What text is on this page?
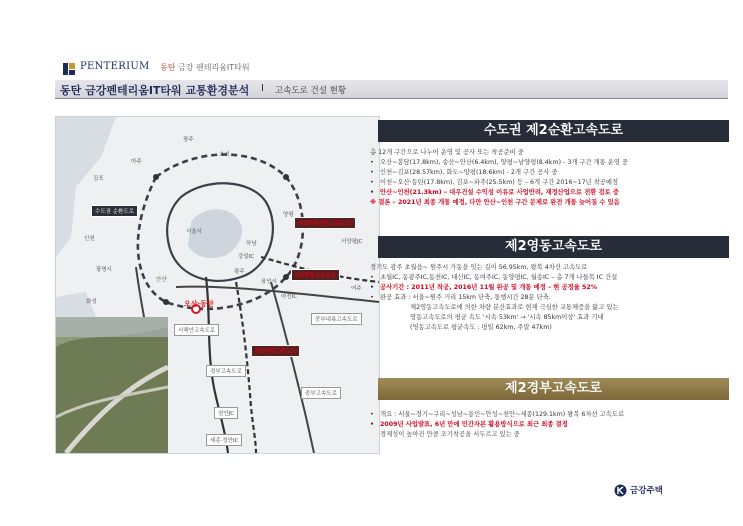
PENTERIUM 동탄 금강 펜테리움IT타워
동탄 금강펜테리움IT타워 교통환경분석 I 고속도로 건설 현황
광주
마주
초기
김포
서울시
양평
하남
인천
강일IC
서양평JC
여주
광주
용인시
안산
광명시
마전IC
화성	오산·동탄
수도권 순환도로
제2외곽순환 고속도로
제2영동고속도로
제2경부고속도로
서해안고속도로
경부고속도로
중부고속도로
중부내륙고속도로
천안JC
세종·정안IC
수도권 제2순환고속도로
총 12개 구간으로 나누어 운영 및 공사 또는 착공준비 중
• 오산~봉담(17.8km), 송산~안산(6.4km), 양평~남양평(8.4km) - 3개 구간 개통 운영 중
• 인천~김포(28.57km), 화도~양평(18.6km) - 2개 구간 공사 중
• 이천~오산·동탄(17.8km), 김포~파주(25.5km) 등 – 6개 구간 2016~17년 착공예정
• 안산~인천(21.3km) – 대우건설 수익성 이유로 사업반려, 재정산업으로 전환 검토 중
※ 결론 – 2021년 최종 개통 예정, 다만 안산~인천 구간 문제로 완전 개통 늦어질 수 있음
제2영동고속도로
경기도 광주 초월읍~ 원주시 가동을 잇는 길이 56.95km, 왕복 4차선 고속도로
• 초월IC, 동광주IC,동천IC, 대신IC, 동여주IC, 동양평IC, 월송IC – 총 7개 나들목 IC 건설
• 공사기간 : 2011년 착공, 2016년 11월 완공 및 개통 예정 – 현 공정율 52%
• 완공 효과 : 서울~원주 거리 15km 단축, 통행시간 28분 단축.
제2영동고속도로에 의한 차량 분산효과로 현재 극심한 교통체증을 앓고 있는
영동고속도로의 평균 속도 '시속 53km' → '시속 85km이상' 효과 기대
(영동고속도로 평균속도 : 평일 62km, 주말 47km)
제2경부고속도로
• 개요 : 서울~경기~구리~성남~용인~안성~천안~세종(129.1km) 왕복 6차선 고속도로
• 2009년 사업발표, 6년 만에 민간자본 활용방식으로 최근 최종 결정
경제성이 높아진 만큼 조기착공을 서두르고 있는 중
금강주택
